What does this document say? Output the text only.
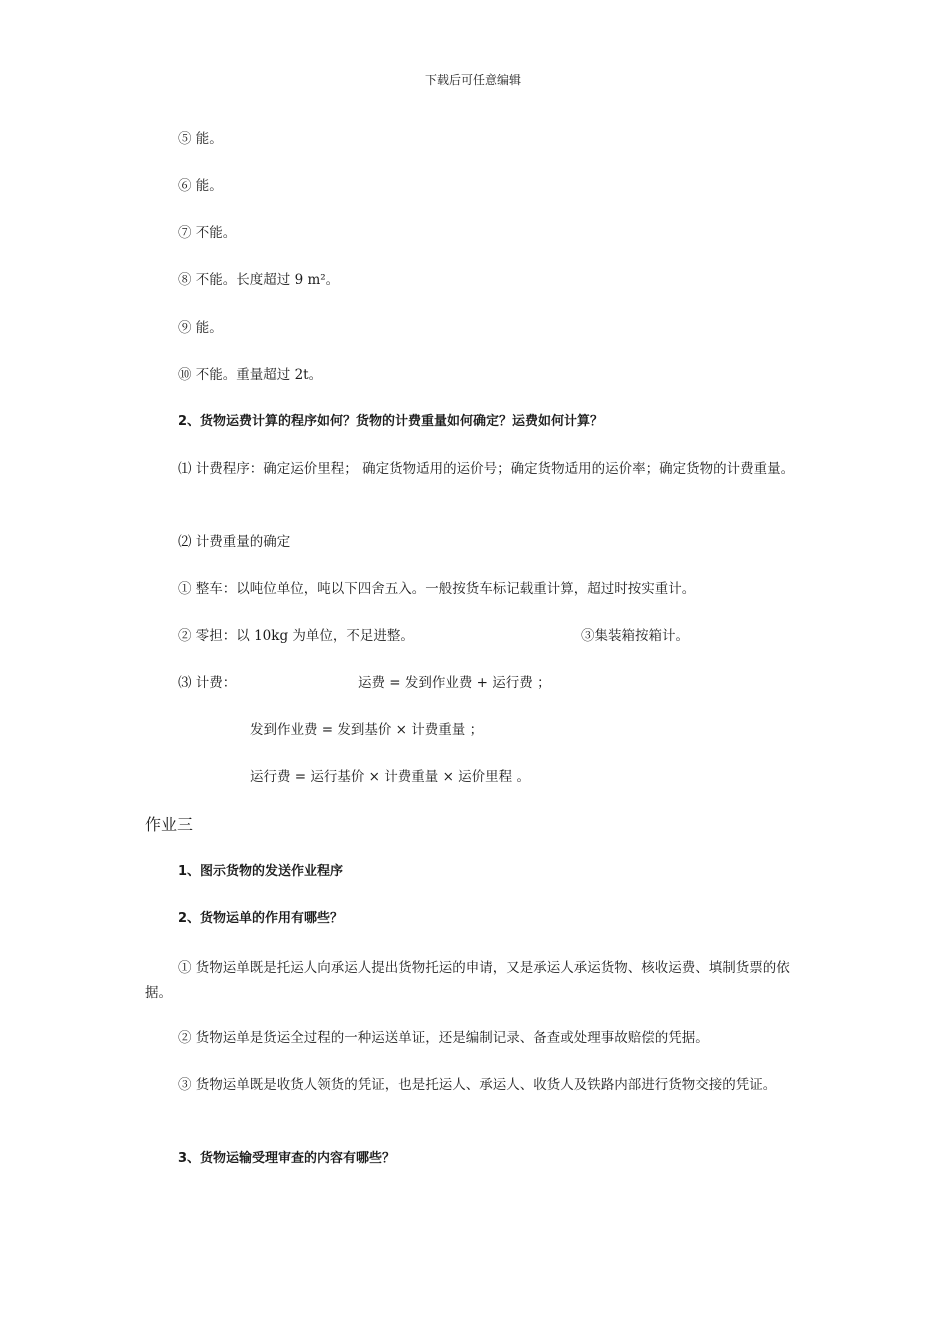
下载后可任意编辑
⑤ 能。
⑥ 能。
⑦ 不能。
⑧ 不能。长度超过 9 m²。
⑨ 能。
⑩ 不能。重量超过 2t。
2、货物运费计算的程序如何？货物的计费重量如何确定？运费如何计算？
⑴ 计费程序：确定运价里程； 确定货物适用的运价号；确定货物适用的运价率；确定货物的计费重量。
⑵ 计费重量的确定
① 整车：以吨位单位，吨以下四舍五入。一般按货车标记载重计算，超过时按实重计。
② 零担：以 10kg 为单位，不足进整。	③集装箱按箱计。
⑶ 计费：	运费 = 发到作业费 + 运行费 ；
发到作业费 = 发到基价 × 计费重量 ；
运行费 = 运行基价 × 计费重量 × 运价里程 。
作业三
1、图示货物的发送作业程序
2、货物运单的作用有哪些？
① 货物运单既是托运人向承运人提出货物托运的申请，又是承运人承运货物、核收运费、填制货票的依据。
② 货物运单是货运全过程的一种运送单证，还是编制记录、备查或处理事故赔偿的凭据。
③ 货物运单既是收货人领货的凭证，也是托运人、承运人、收货人及铁路内部进行货物交接的凭证。
3、货物运输受理审查的内容有哪些？
